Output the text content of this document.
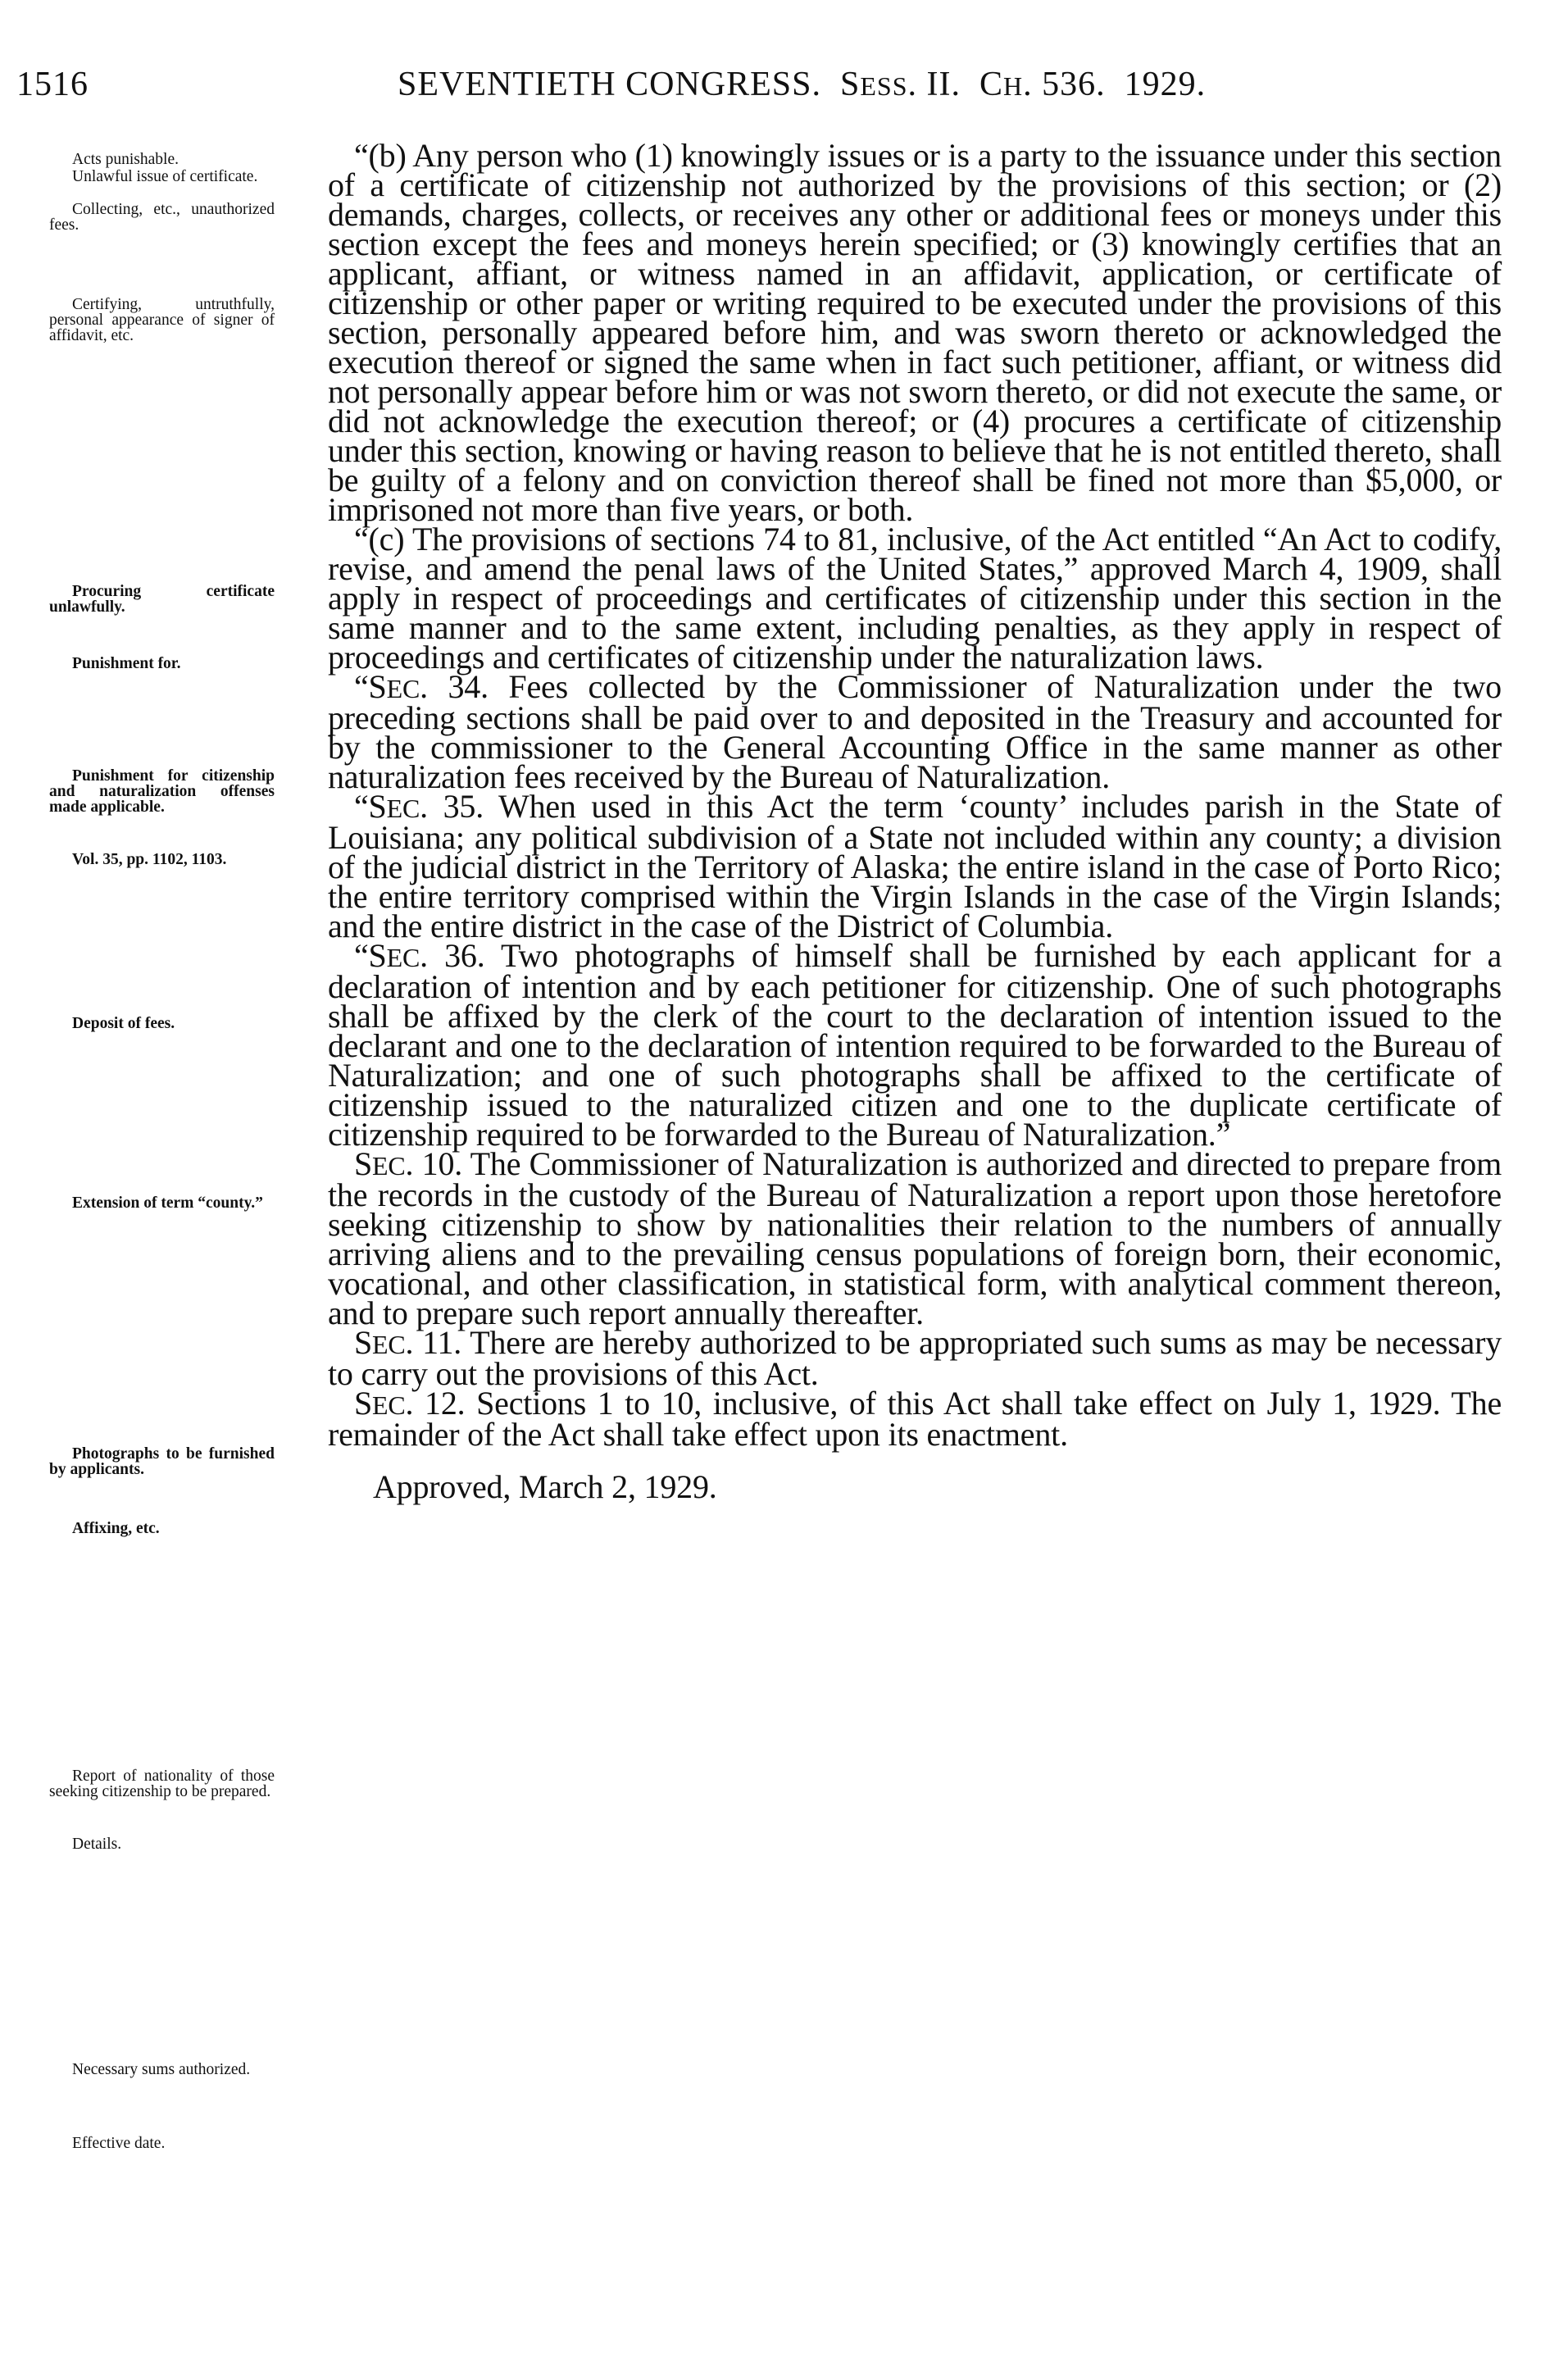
1516	SEVENTIETH CONGRESS. SESS. II. CH. 536. 1929.
Acts punishable.
Unlawful issue of certificate.
Collecting, etc., unauthorized fees.
Certifying, untruthfully, personal appearance of signer of affidavit, etc.
Procuring certificate unlawfully.
Punishment for.
Punishment for citizenship and naturalization offenses made applicable.
Vol. 35, pp. 1102, 1103.
Deposit of fees.
Extension of term “county.”
Photographs to be furnished by applicants.
Affixing, etc.
Report of nationality of those seeking citizenship to be prepared.
Details.
Necessary sums authorized.
Effective date.

“(b) Any person who (1) knowingly issues or is a party to the issuance under this section of a certificate of citizenship not authorized by the provisions of this section; or (2) demands, charges, collects, or receives any other or additional fees or moneys under this section except the fees and moneys herein specified; or (3) knowingly certifies that an applicant, affiant, or witness named in an affidavit, application, or certificate of citizenship or other paper or writing required to be executed under the provisions of this section, personally appeared before him, and was sworn thereto or acknowledged the execution thereof or signed the same when in fact such petitioner, affiant, or witness did not personally appear before him or was not sworn thereto, or did not execute the same, or did not acknowledge the execution thereof; or (4) procures a certificate of citizenship under this section, knowing or having reason to believe that he is not entitled thereto, shall be guilty of a felony and on conviction thereof shall be fined not more than $5,000, or imprisoned not more than five years, or both.

“(c) The provisions of sections 74 to 81, inclusive, of the Act entitled “An Act to codify, revise, and amend the penal laws of the United States,” approved March 4, 1909, shall apply in respect of proceedings and certificates of citizenship under this section in the same manner and to the same extent, including penalties, as they apply in respect of proceedings and certificates of citizenship under the naturalization laws.

“SEC. 34. Fees collected by the Commissioner of Naturalization under the two preceding sections shall be paid over to and deposited in the Treasury and accounted for by the commissioner to the General Accounting Office in the same manner as other naturalization fees received by the Bureau of Naturalization.

“SEC. 35. When used in this Act the term ‘county’ includes parish in the State of Louisiana; any political subdivision of a State not included within any county; a division of the judicial district in the Territory of Alaska; the entire island in the case of Porto Rico; the entire territory comprised within the Virgin Islands in the case of the Virgin Islands; and the entire district in the case of the District of Columbia.

“SEC. 36. Two photographs of himself shall be furnished by each applicant for a declaration of intention and by each petitioner for citizenship. One of such photographs shall be affixed by the clerk of the court to the declaration of intention issued to the declarant and one to the declaration of intention required to be forwarded to the Bureau of Naturalization; and one of such photographs shall be affixed to the certificate of citizenship issued to the naturalized citizen and one to the duplicate certificate of citizenship required to be forwarded to the Bureau of Naturalization.”

SEC. 10. The Commissioner of Naturalization is authorized and directed to prepare from the records in the custody of the Bureau of Naturalization a report upon those heretofore seeking citizenship to show by nationalities their relation to the numbers of annually arriving aliens and to the prevailing census populations of foreign born, their economic, vocational, and other classification, in statistical form, with analytical comment thereon, and to prepare such report annually thereafter.

SEC. 11. There are hereby authorized to be appropriated such sums as may be necessary to carry out the provisions of this Act.

SEC. 12. Sections 1 to 10, inclusive, of this Act shall take effect on July 1, 1929. The remainder of the Act shall take effect upon its enactment.

Approved, March 2, 1929.
